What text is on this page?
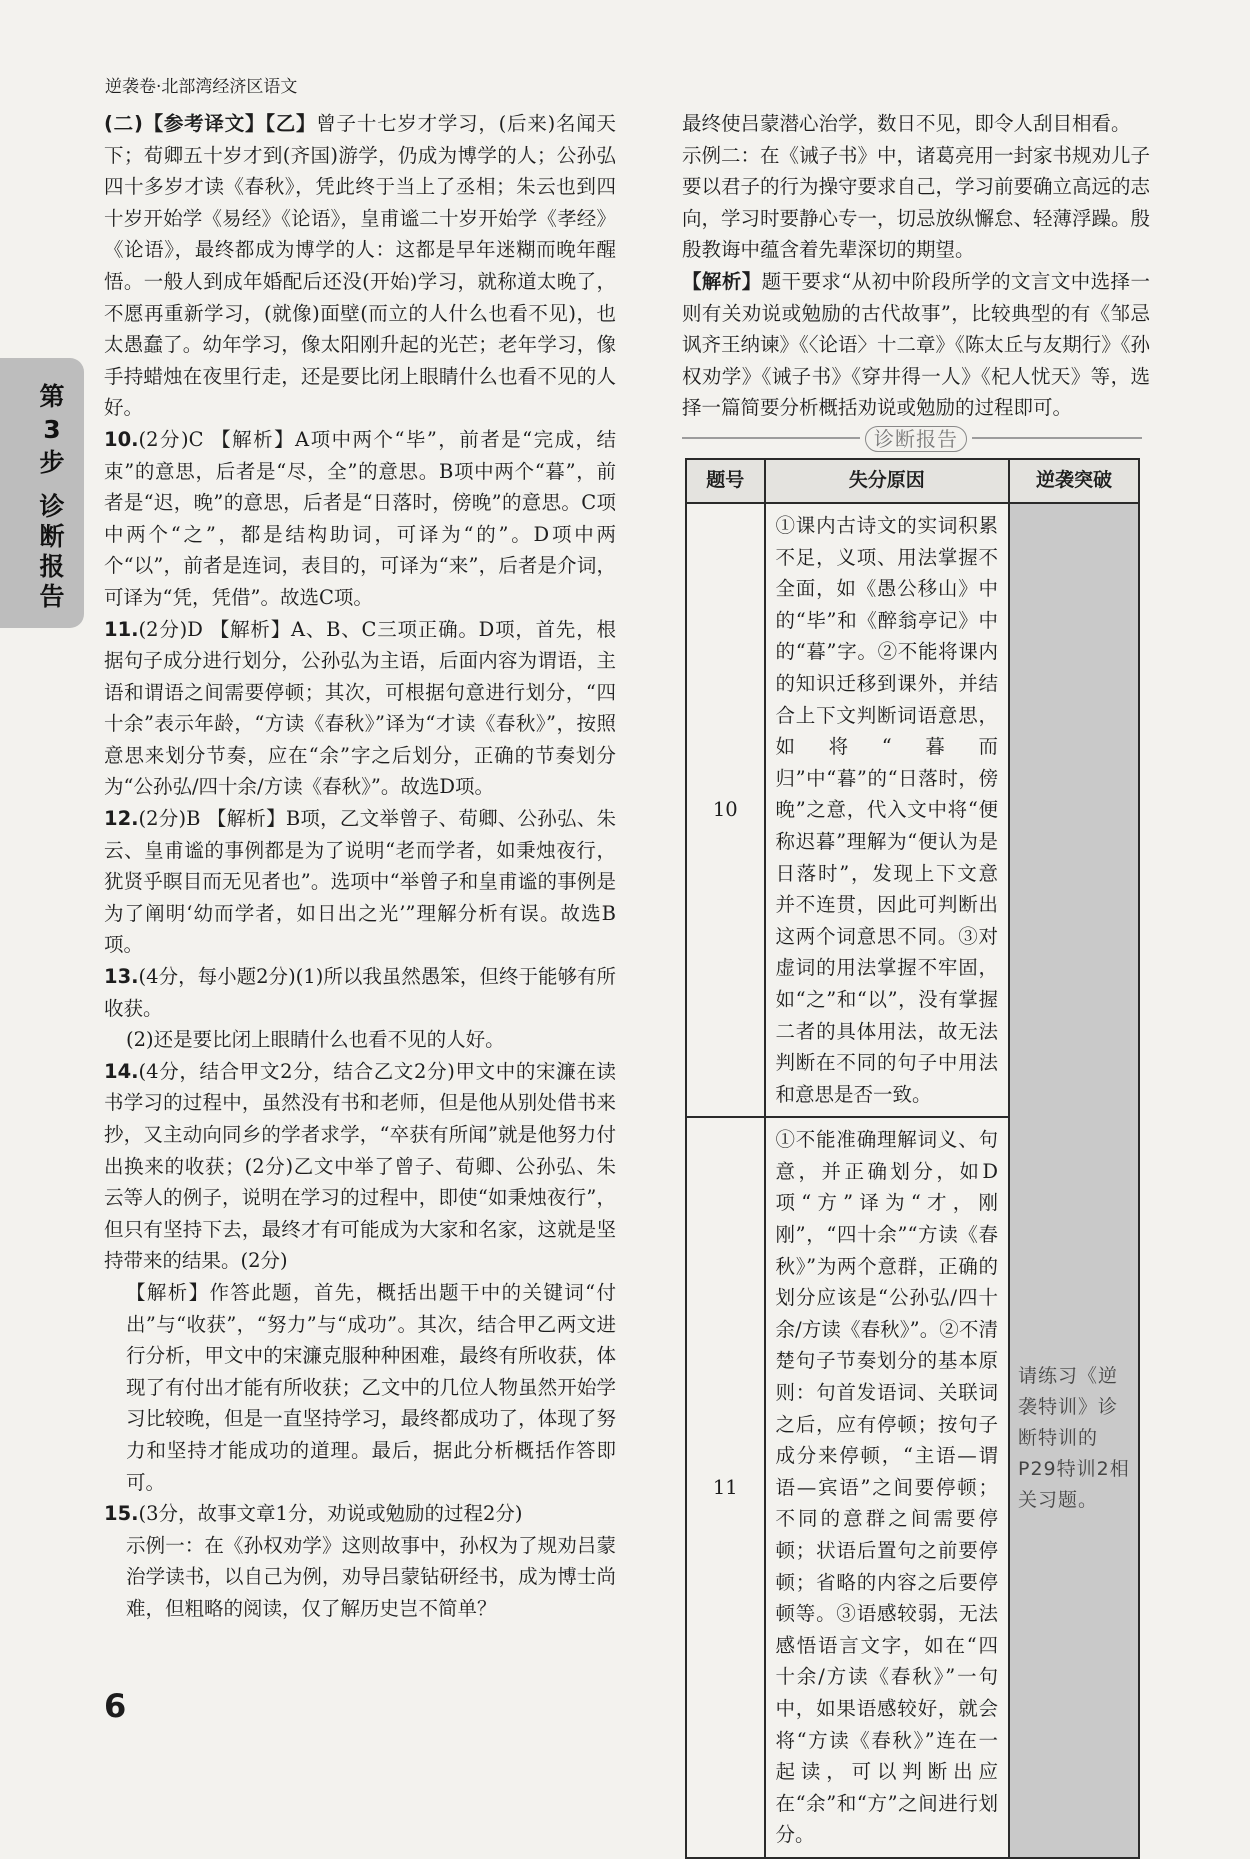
逆袭卷·北部湾经济区语文
第3步
诊断报告

(二)【参考译文】【乙】曾子十七岁才学习，(后来)名闻天下；荀卿五十岁才到(齐国)游学，仍成为博学的人；公孙弘四十多岁才读《春秋》，凭此终于当上了丞相；朱云也到四十岁开始学《易经》《论语》，皇甫谧二十岁开始学《孝经》《论语》，最终都成为博学的人：这都是早年迷糊而晚年醒悟。一般人到成年婚配后还没(开始)学习，就称道太晚了，不愿再重新学习，(就像)面壁(而立的人什么也看不见)，也太愚蠢了。幼年学习，像太阳刚升起的光芒；老年学习，像手持蜡烛在夜里行走，还是要比闭上眼睛什么也看不见的人好。

10.(2分)C 【解析】A项中两个“毕”，前者是“完成，结束”的意思，后者是“尽，全”的意思。B项中两个“暮”，前者是“迟，晚”的意思，后者是“日落时，傍晚”的意思。C项中两个“之”，都是结构助词，可译为“的”。D项中两个“以”，前者是连词，表目的，可译为“来”，后者是介词，可译为“凭，凭借”。故选C项。

11.(2分)D 【解析】A、B、C三项正确。D项，首先，根据句子成分进行划分，公孙弘为主语，后面内容为谓语，主语和谓语之间需要停顿；其次，可根据句意进行划分，“四十余”表示年龄，“方读《春秋》”译为“才读《春秋》”，按照意思来划分节奏，应在“余”字之后划分，正确的节奏划分为“公孙弘/四十余/方读《春秋》”。故选D项。

12.(2分)B 【解析】B项，乙文举曾子、荀卿、公孙弘、朱云、皇甫谧的事例都是为了说明“老而学者，如秉烛夜行，犹贤乎瞑目而无见者也”。选项中“举曾子和皇甫谧的事例是为了阐明‘幼而学者，如日出之光’”理解分析有误。故选B项。

13.(4分，每小题2分)(1)所以我虽然愚笨，但终于能够有所收获。

(2)还是要比闭上眼睛什么也看不见的人好。

14.(4分，结合甲文2分，结合乙文2分)甲文中的宋濂在读书学习的过程中，虽然没有书和老师，但是他从别处借书来抄，又主动向同乡的学者求学，“卒获有所闻”就是他努力付出换来的收获；(2分)乙文中举了曾子、荀卿、公孙弘、朱云等人的例子，说明在学习的过程中，即使“如秉烛夜行”，但只有坚持下去，最终才有可能成为大家和名家，这就是坚持带来的结果。(2分)

【解析】作答此题，首先，概括出题干中的关键词“付出”与“收获”，“努力”与“成功”。其次，结合甲乙两文进行分析，甲文中的宋濂克服种种困难，最终有所收获，体现了有付出才能有所收获；乙文中的几位人物虽然开始学习比较晚，但是一直坚持学习，最终都成功了，体现了努力和坚持才能成功的道理。最后，据此分析概括作答即可。

15.(3分，故事文章1分，劝说或勉励的过程2分)

示例一：在《孙权劝学》这则故事中，孙权为了规劝吕蒙治学读书，以自己为例，劝导吕蒙钻研经书，成为博士尚难，但粗略的阅读，仅了解历史岂不简单？

最终使吕蒙潜心治学，数日不见，即令人刮目相看。

示例二：在《诫子书》中，诸葛亮用一封家书规劝儿子要以君子的行为操守要求自己，学习前要确立高远的志向，学习时要静心专一，切忌放纵懈怠、轻薄浮躁。殷殷教诲中蕴含着先辈深切的期望。

【解析】题干要求“从初中阶段所学的文言文中选择一则有关劝说或勉励的古代故事”，比较典型的有《邹忌讽齐王纳谏》《〈论语〉十二章》《陈太丘与友期行》《孙权劝学》《诫子书》《穿井得一人》《杞人忧天》等，选择一篇简要分析概括劝说或勉励的过程即可。

诊断报告
题号	失分原因	逆袭突破
10	①课内古诗文的实词积累不足，义项、用法掌握不全面，如《愚公移山》中的“毕”和《醉翁亭记》中的“暮”字。②不能将课内的知识迁移到课外，并结合上下文判断词语意思，如将“暮而归”中“暮”的“日落时，傍晚”之意，代入文中将“便称迟暮”理解为“便认为是日落时”，发现上下文意并不连贯，因此可判断出这两个词意思不同。③对虚词的用法掌握不牢固，如“之”和“以”，没有掌握二者的具体用法，故无法判断在不同的句子中用法和意思是否一致。	请练习《逆袭特训》诊断特训的P29特训2相关习题。

11	①不能准确理解词义、句意，并正确划分，如D项“方”译为“才，刚刚”，“四十余”“方读《春秋》”为两个意群，正确的划分应该是“公孙弘/四十余/方读《春秋》”。②不清楚句子节奏划分的基本原则：句首发语词、关联词之后，应有停顿；按句子成分来停顿，“主语—谓语—宾语”之间要停顿；不同的意群之间需要停顿；状语后置句之前要停顿；省略的内容之后要停顿等。③语感较弱，无法感悟语言文字，如在“四十余/方读《春秋》”一句中，如果语感较好，就会将“方读《春秋》”连在一起读，可以判断出应在“余”和“方”之间进行划分。	
6
